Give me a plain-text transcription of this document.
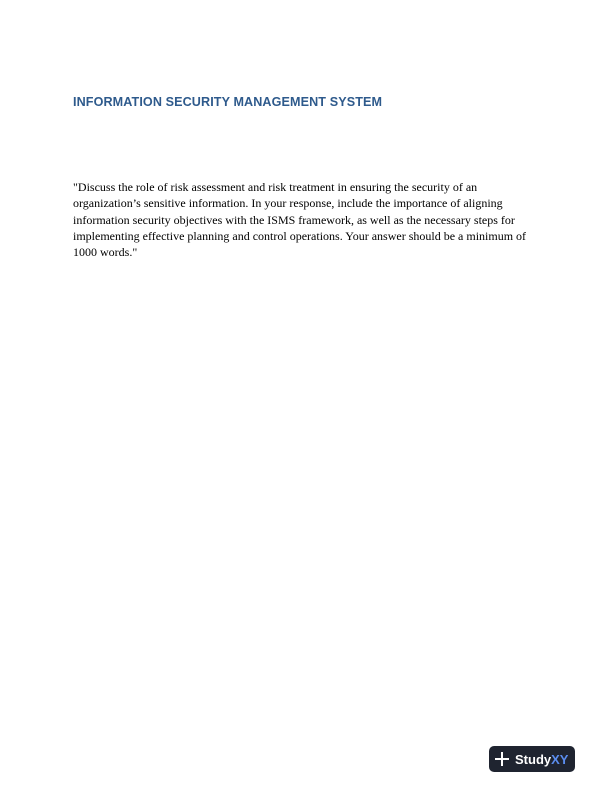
INFORMATION SECURITY MANAGEMENT SYSTEM

"Discuss the role of risk assessment and risk treatment in ensuring the security of an organization’s sensitive information. In your response, include the importance of aligning information security objectives with the ISMS framework, as well as the necessary steps for implementing effective planning and control operations. Your answer should be a minimum of 1000 words."

StudyXY
